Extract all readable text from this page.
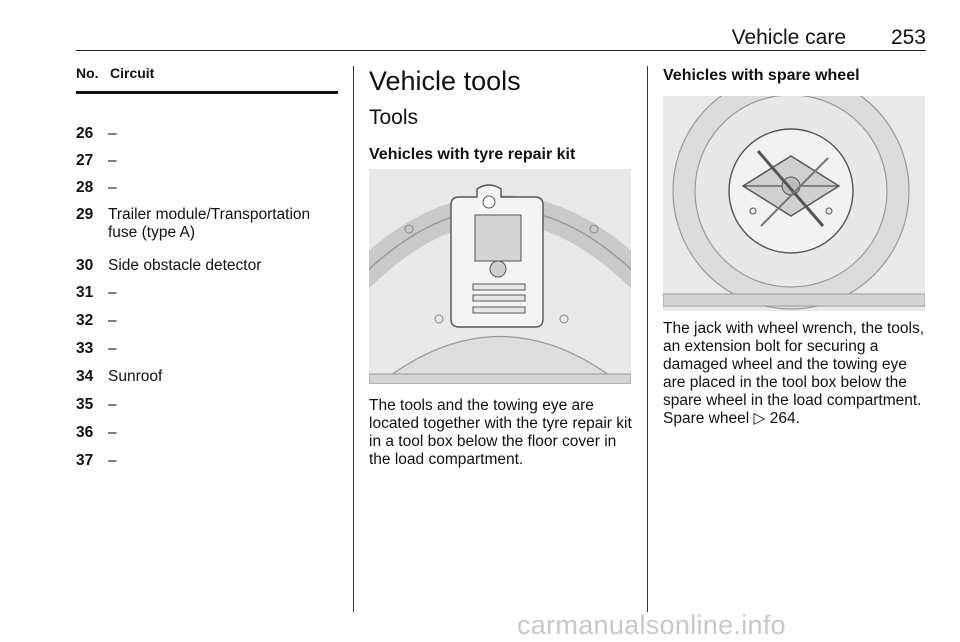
Vehicle care 253
No. Circuit
26 –
27 –
28 –
29 Trailer module/Transportation fuse (type A)
30 Side obstacle detector
31 –
32 –
33 –
34 Sunroof
35 –
36 –
37 –
Vehicle tools
Tools
Vehicles with tyre repair kit
The tools and the towing eye are located together with the tyre repair kit in a tool box below the floor cover in the load compartment.
Vehicles with spare wheel
The jack with wheel wrench, the tools, an extension bolt for securing a damaged wheel and the towing eye are placed in the tool box below the spare wheel in the load compartment. Spare wheel ▷ 264.
carmanualsonline.info
